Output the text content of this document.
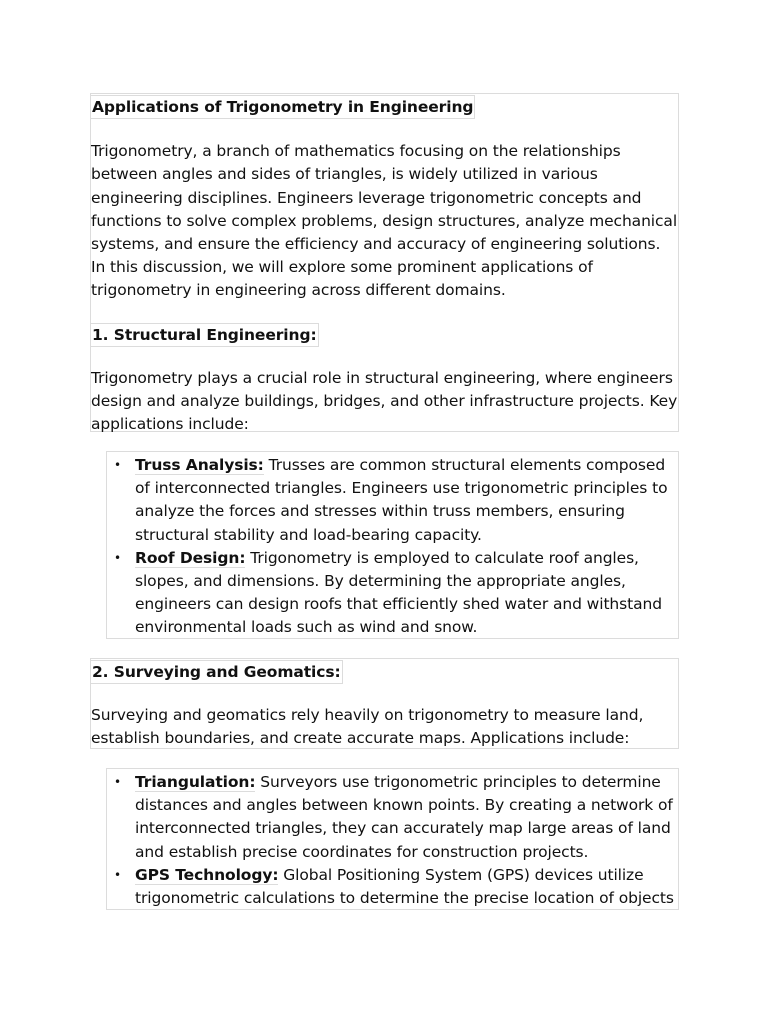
Applications of Trigonometry in Engineering

Trigonometry, a branch of mathematics focusing on the relationships between angles and sides of triangles, is widely utilized in various engineering disciplines. Engineers leverage trigonometric concepts and functions to solve complex problems, design structures, analyze mechanical systems, and ensure the efficiency and accuracy of engineering solutions. In this discussion, we will explore some prominent applications of trigonometry in engineering across different domains.

1. Structural Engineering:

Trigonometry plays a crucial role in structural engineering, where engineers design and analyze buildings, bridges, and other infrastructure projects. Key applications include:

• Truss Analysis: Trusses are common structural elements composed of interconnected triangles. Engineers use trigonometric principles to analyze the forces and stresses within truss members, ensuring structural stability and load-bearing capacity.
• Roof Design: Trigonometry is employed to calculate roof angles, slopes, and dimensions. By determining the appropriate angles, engineers can design roofs that efficiently shed water and withstand environmental loads such as wind and snow.
2. Surveying and Geomatics:

Surveying and geomatics rely heavily on trigonometry to measure land, establish boundaries, and create accurate maps. Applications include:

• Triangulation: Surveyors use trigonometric principles to determine distances and angles between known points. By creating a network of interconnected triangles, they can accurately map large areas of land and establish precise coordinates for construction projects.
• GPS Technology: Global Positioning System (GPS) devices utilize trigonometric calculations to determine the precise location of objects
